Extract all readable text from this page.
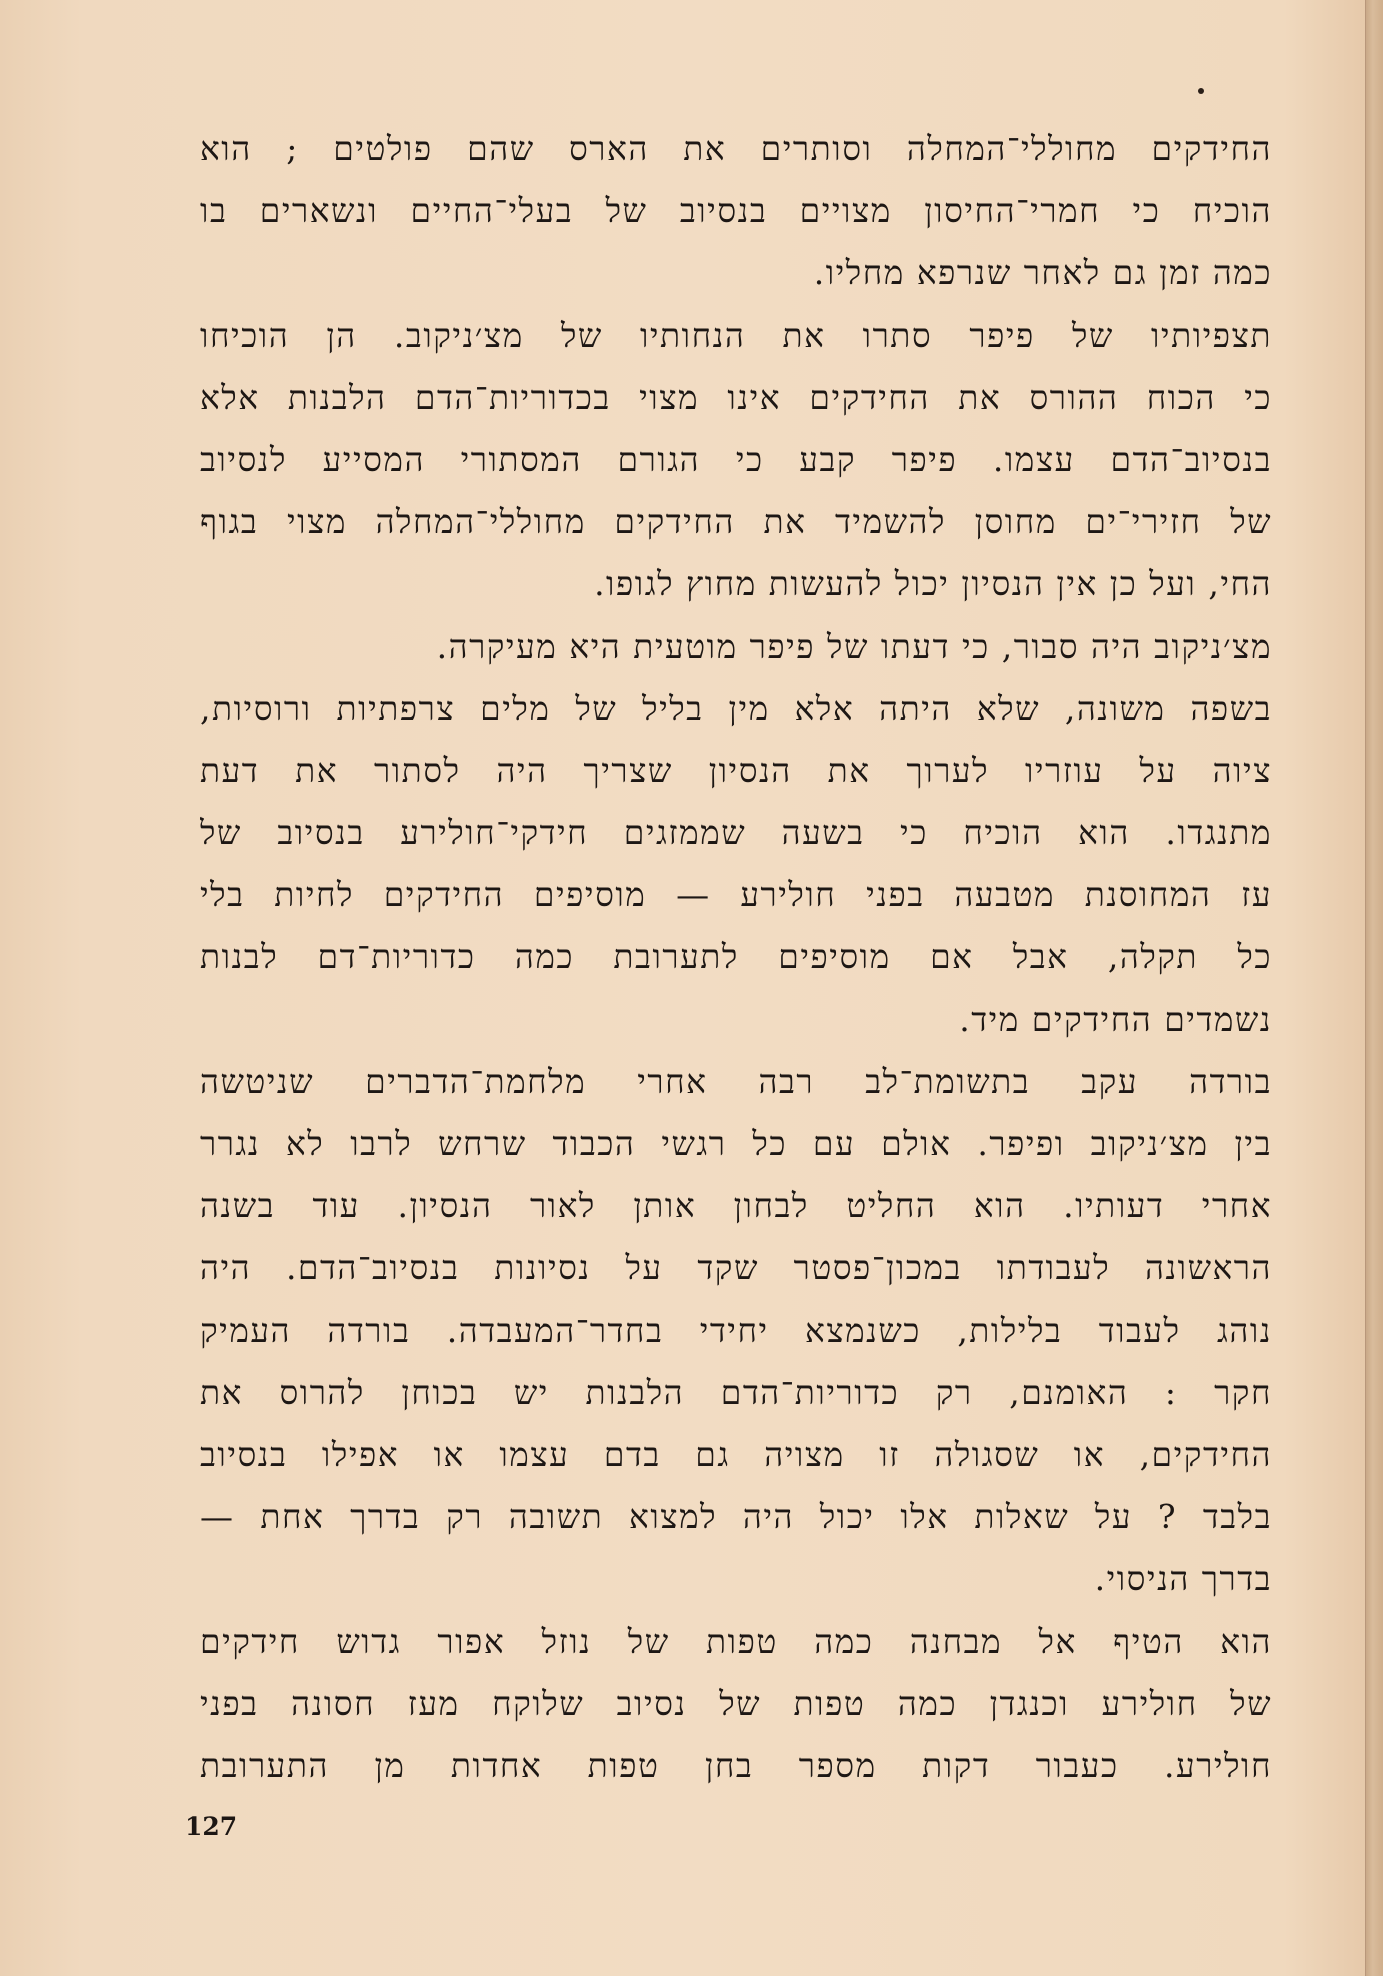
החידקים מחוללי־המחלה וסותרים את הארס שהם פולטים ; הוא
הוכיח כי חמרי־החיסון מצויים בנסיוב של בעלי־החיים ונשארים בו
כמה זמן גם לאחר שנרפא מחליו.
תצפיותיו של פיפר סתרו את הנחותיו של מצ׳ניקוב. הן הוכיחו
כי הכוח ההורס את החידקים אינו מצוי בכדוריות־הדם הלבנות אלא
בנסיוב־הדם עצמו. פיפר קבע כי הגורם המסתורי המסייע לנסיוב
של חזירי־ים מחוסן להשמיד את החידקים מחוללי־המחלה מצוי בגוף
החי, ועל כן אין הנסיון יכול להעשות מחוץ לגופו.
מצ׳ניקוב היה סבור, כי דעתו של פיפר מוטעית היא מעיקרה.
בשפה משונה, שלא היתה אלא מין בליל של מלים צרפתיות ורוסיות,
ציוה על עוזריו לערוך את הנסיון שצריך היה לסתור את דעת
מתנגדו. הוא הוכיח כי בשעה שממזגים חידקי־חולירע בנסיוב של
עז המחוסנת מטבעה בפני חולירע — מוסיפים החידקים לחיות בלי
כל תקלה, אבל אם מוסיפים לתערובת כמה כדוריות־דם לבנות
נשמדים החידקים מיד.
בורדה עקב בתשומת־לב רבה אחרי מלחמת־הדברים שניטשה
בין מצ׳ניקוב ופיפר. אולם עם כל רגשי הכבוד שרחש לרבו לא נגרר
אחרי דעותיו. הוא החליט לבחון אותן לאור הנסיון. עוד בשנה
הראשונה לעבודתו במכון־פסטר שקד על נסיונות בנסיוב־הדם. היה
נוהג לעבוד בלילות, כשנמצא יחידי בחדר־המעבדה. בורדה העמיק
חקר : האומנם, רק כדוריות־הדם הלבנות יש בכוחן להרוס את
החידקים, או שסגולה זו מצויה גם בדם עצמו או אפילו בנסיוב
בלבד ? על שאלות אלו יכול היה למצוא תשובה רק בדרך אחת —
בדרך הניסוי.
הוא הטיף אל מבחנה כמה טפות של נוזל אפור גדוש חידקים
של חולירע וכנגדן כמה טפות של נסיוב שלוקח מעז חסונה בפני
חולירע. כעבור דקות מספר בחן טפות אחדות מן התערובת
127
